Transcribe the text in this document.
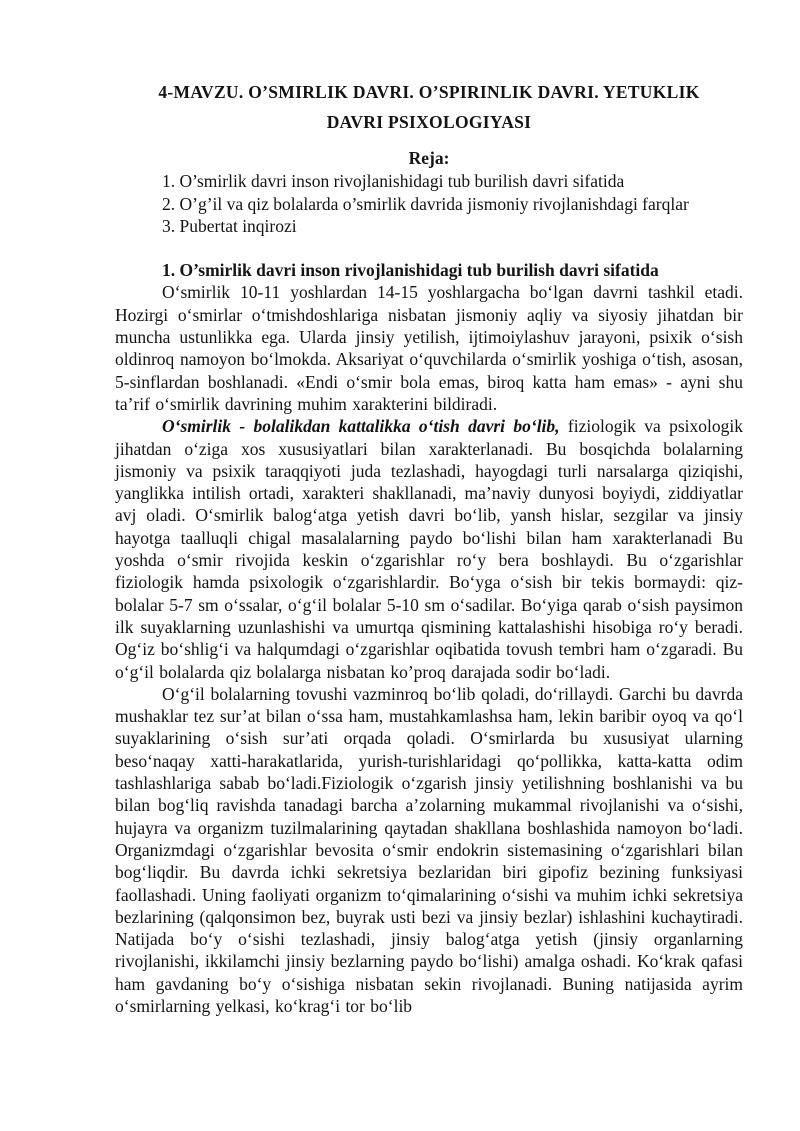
4-MAVZU. O’SMIRLIK DAVRI. O’SPIRINLIK DAVRI. YETUKLIK
DAVRI PSIXOLOGIYASI
Reja:
1. O’smirlik davri inson rivojlanishidagi tub burilish davri sifatida
2. O’g’il va qiz bolalarda o’smirlik davrida jismoniy rivojlanishdagi farqlar
3. Pubertat inqirozi
1. O’smirlik davri inson rivojlanishidagi tub burilish davri sifatida

Oʻsmirlik 10-11 yoshlardan 14-15 yoshlargacha boʻlgan davrni tashkil etadi. Hozirgi oʻsmirlar oʻtmishdoshlariga nisbatan jismoniy aqliy va siyosiy jihatdan bir muncha ustunlikka ega. Ularda jinsiy yetilish, ijtimoiylashuv jarayoni, psixik oʻsish oldinroq namoyon boʻlmokda. Aksariyat oʻquvchilarda oʻsmirlik yoshiga oʻtish, asosan, 5-sinflardan boshlanadi. «Endi oʻsmir bola emas, biroq katta ham emas» - ayni shu ta’rif oʻsmirlik davrining muhim xarakterini bildiradi.

Oʻsmirlik - bolalikdan kattalikka oʻtish davri boʻlib, fiziologik va psixologik jihatdan oʻziga xos xususiyatlari bilan xarakterlanadi. Bu bosqichda bolalarning jismoniy va psixik taraqqiyoti juda tezlashadi, hayogdagi turli narsalarga qiziqishi, yanglikka intilish ortadi, xarakteri shakllanadi, ma’naviy dunyosi boyiydi, ziddiyatlar avj oladi. Oʻsmirlik balogʻatga yetish davri boʻlib, yansh hislar, sezgilar va jinsiy hayotga taalluqli chigal masalalarning paydo boʻlishi bilan ham xarakterlanadi Bu yoshda oʻsmir rivojida keskin oʻzgarishlar roʻy bera boshlaydi. Bu oʻzgarishlar fiziologik hamda psixologik oʻzgarishlardir. Boʻyga oʻsish bir tekis bormaydi: qiz-bolalar 5-7 sm oʻssalar, oʻgʻil bolalar 5-10 sm oʻsadilar. Boʻyiga qarab oʻsish paysimon ilk suyaklarning uzunlashishi va umurtqa qismining kattalashishi hisobiga roʻy beradi. Ogʻiz boʻshligʻi va halqumdagi oʻzgarishlar oqibatida tovush tembri ham oʻzgaradi. Bu oʻgʻil bolalarda qiz bolalarga nisbatan ko’proq darajada sodir boʻladi.

Oʻgʻil bolalarning tovushi vazminroq boʻlib qoladi, doʻrillaydi. Garchi bu davrda mushaklar tez sur’at bilan oʻssa ham, mustahkamlashsa ham, lekin baribir oyoq va qoʻl suyaklarining oʻsish sur’ati orqada qoladi. Oʻsmirlarda bu xususiyat ularning besoʻnaqay xatti-harakatlarida, yurish-turishlaridagi qoʻpollikka, katta-katta odim tashlashlariga sabab boʻladi.Fiziologik oʻzgarish jinsiy yetilishning boshlanishi va bu bilan bogʻliq ravishda tanadagi barcha a’zolarning mukammal rivojlanishi va oʻsishi, hujayra va organizm tuzilmalarining qaytadan shakllana boshlashida namoyon boʻladi. Organizmdagi oʻzgarishlar bevosita oʻsmir endokrin sistemasining oʻzgarishlari bilan bogʻliqdir. Bu davrda ichki sekretsiya bezlaridan biri gipofiz bezining funksiyasi faollashadi. Uning faoliyati organizm toʻqimalarining oʻsishi va muhim ichki sekretsiya bezlarining (qalqonsimon bez, buyrak usti bezi va jinsiy bezlar) ishlashini kuchaytiradi. Natijada boʻy oʻsishi tezlashadi, jinsiy balogʻatga yetish (jinsiy organlarning rivojlanishi, ikkilamchi jinsiy bezlarning paydo boʻlishi) amalga oshadi. Koʻkrak qafasi ham gavdaning boʻy oʻsishiga nisbatan sekin rivojlanadi. Buning natijasida ayrim oʻsmirlarning yelkasi, koʻkragʻi tor boʻlib
